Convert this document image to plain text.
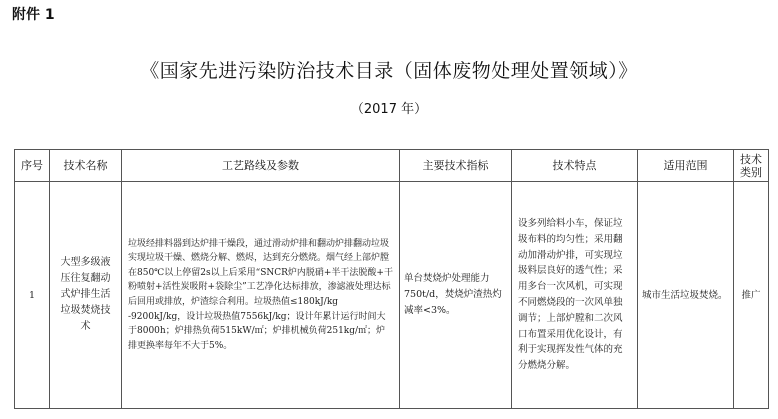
附件 1
《国家先进污染防治技术目录（固体废物处理处置领域）》
（2017 年）
序号	技术名称	工艺路线及参数	主要技术指标	技术特点	适用范围	技术类别
1	大型多级液压往复翻动式炉排生活垃圾焚烧技术	垃圾经排料器到达炉排干燥段，通过滑动炉排和翻动炉排翻动垃圾实现垃圾干燥、燃烧分解、燃烬，达到充分燃烧。烟气经上部炉膛在850℃以上停留2s以上后采用“SNCR炉内脱硝+半干法脱酸+干粉喷射+活性炭吸附+袋除尘”工艺净化达标排放，渗滤液处理达标后回用或排放，炉渣综合利用。垃圾热值≤180kJ/kg -9200kJ/kg，设计垃圾热值7556kJ/kg；设计年累计运行时间大于8000h；炉排热负荷515kW/㎡；炉排机械负荷251kg/㎡；炉排更换率每年不大于5%。	单台焚烧炉处理能力750t/d，焚烧炉渣热灼减率<3%。	设多列给料小车，保证垃圾布料的均匀性；采用翻动加滑动炉排，可实现垃圾料层良好的透气性；采用多台一次风机，可实现不同燃烧段的一次风单独调节；上部炉膛和二次风口布置采用优化设计，有利于实现挥发性气体的充分燃烧分解。	城市生活垃圾焚烧。	推广
